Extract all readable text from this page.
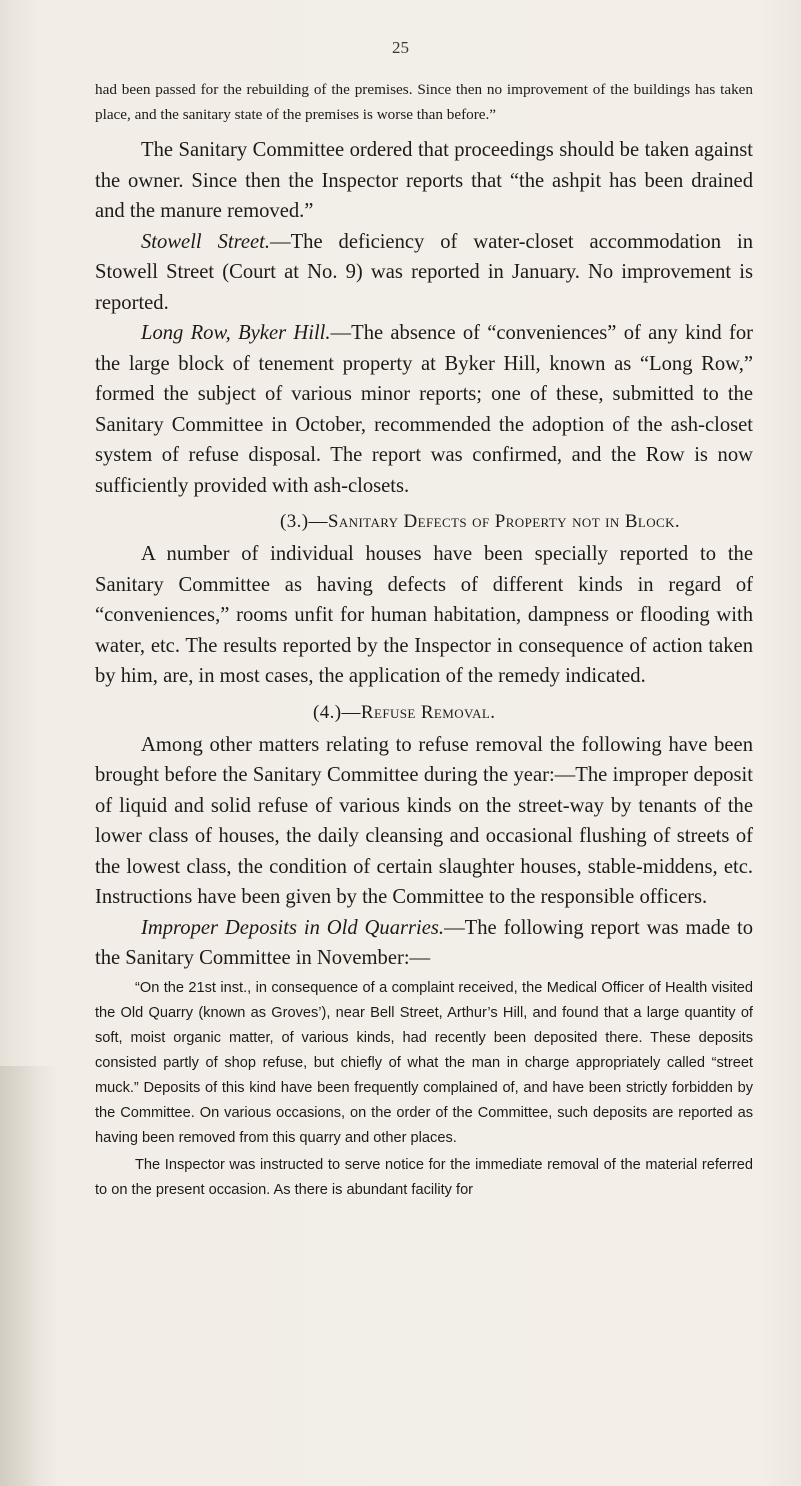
25

had been passed for the rebuilding of the premises. Since then no improvement of the buildings has taken place, and the sanitary state of the premises is worse than before.”

The Sanitary Committee ordered that proceedings should be taken against the owner. Since then the Inspector reports that “the ashpit has been drained and the manure removed.”

Stowell Street.—The deficiency of water-closet accommodation in Stowell Street (Court at No. 9) was reported in January. No improvement is reported.

Long Row, Byker Hill.—The absence of “conveniences” of any kind for the large block of tenement property at Byker Hill, known as “Long Row,” formed the subject of various minor reports; one of these, submitted to the Sanitary Committee in October, recommended the adoption of the ash-closet system of refuse disposal. The report was confirmed, and the Row is now sufficiently provided with ash-closets.

(3.)—Sanitary Defects of Property not in Block.

A number of individual houses have been specially reported to the Sanitary Committee as having defects of different kinds in regard of “conveniences,” rooms unfit for human habitation, dampness or flooding with water, etc. The results reported by the Inspector in consequence of action taken by him, are, in most cases, the application of the remedy indicated.

(4.)—Refuse Removal.

Among other matters relating to refuse removal the following have been brought before the Sanitary Committee during the year:—The improper deposit of liquid and solid refuse of various kinds on the street-way by tenants of the lower class of houses, the daily cleansing and occasional flushing of streets of the lowest class, the condition of certain slaughter houses, stable-middens, etc. Instructions have been given by the Committee to the responsible officers.

Improper Deposits in Old Quarries.—The following report was made to the Sanitary Committee in November:—

“On the 21st inst., in consequence of a complaint received, the Medical Officer of Health visited the Old Quarry (known as Groves’), near Bell Street, Arthur’s Hill, and found that a large quantity of soft, moist organic matter, of various kinds, had recently been deposited there. These deposits consisted partly of shop refuse, but chiefly of what the man in charge appropriately called “street muck.” Deposits of this kind have been frequently complained of, and have been strictly forbidden by the Committee. On various occasions, on the order of the Committee, such deposits are reported as having been removed from this quarry and other places.

The Inspector was instructed to serve notice for the immediate removal of the material referred to on the present occasion. As there is abundant facility for
